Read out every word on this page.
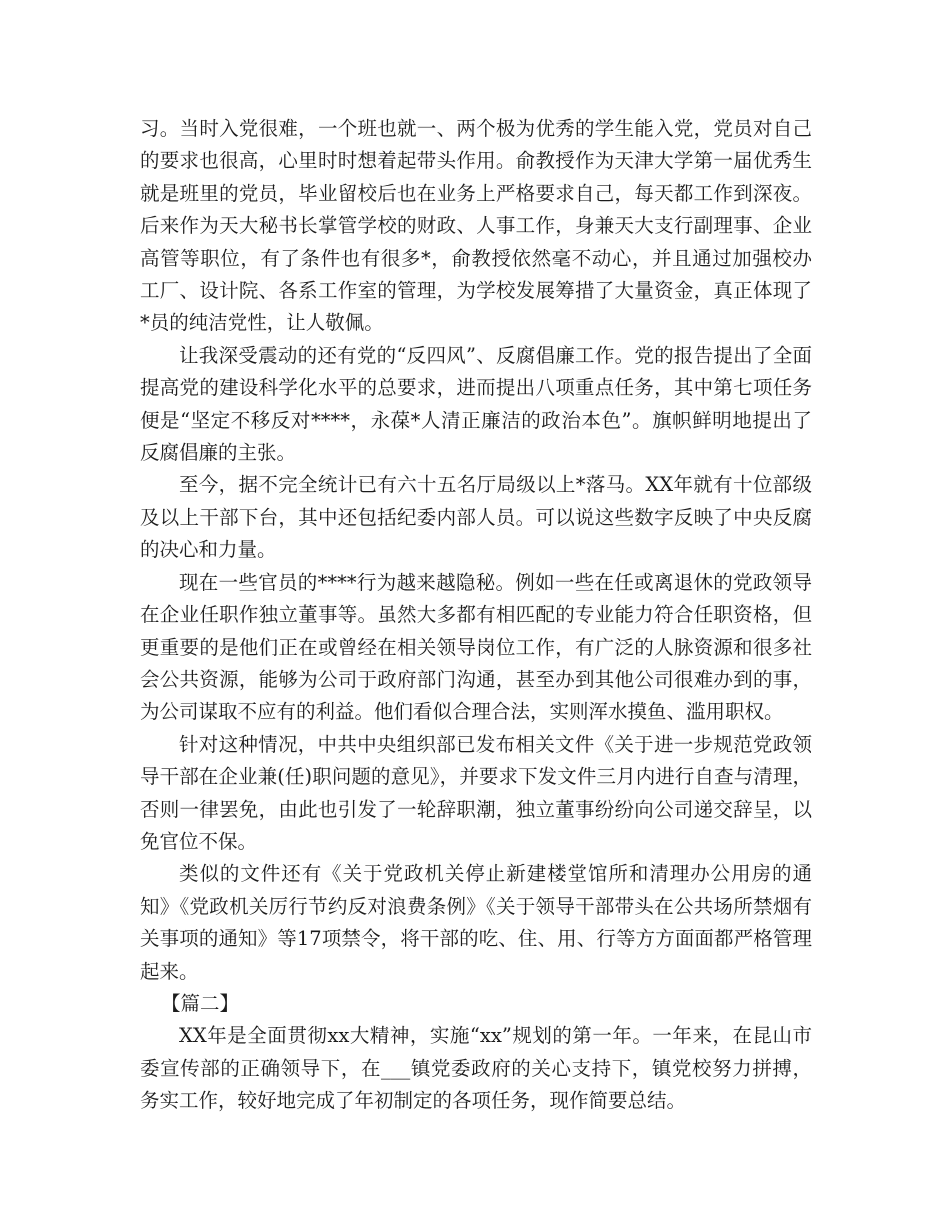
习。当时入党很难，一个班也就一、两个极为优秀的学生能入党，党员对自己的要求也很高，心里时时想着起带头作用。俞教授作为天津大学第一届优秀生就是班里的党员，毕业留校后也在业务上严格要求自己，每天都工作到深夜。后来作为天大秘书长掌管学校的财政、人事工作，身兼天大支行副理事、企业高管等职位，有了条件也有很多*，俞教授依然毫不动心，并且通过加强校办工厂、设计院、各系工作室的管理，为学校发展筹措了大量资金，真正体现了*员的纯洁党性，让人敬佩。

让我深受震动的还有党的“反四风”、反腐倡廉工作。党的报告提出了全面提高党的建设科学化水平的总要求，进而提出八项重点任务，其中第七项任务便是“坚定不移反对****，永葆*人清正廉洁的政治本色”。旗帜鲜明地提出了反腐倡廉的主张。

至今，据不完全统计已有六十五名厅局级以上*落马。XX年就有十位部级及以上干部下台，其中还包括纪委内部人员。可以说这些数字反映了中央反腐的决心和力量。

现在一些官员的****行为越来越隐秘。例如一些在任或离退休的党政领导在企业任职作独立董事等。虽然大多都有相匹配的专业能力符合任职资格，但更重要的是他们正在或曾经在相关领导岗位工作，有广泛的人脉资源和很多社会公共资源，能够为公司于政府部门沟通，甚至办到其他公司很难办到的事，为公司谋取不应有的利益。他们看似合理合法，实则浑水摸鱼、滥用职权。

针对这种情况，中共中央组织部已发布相关文件《关于进一步规范党政领导干部在企业兼(任)职问题的意见》，并要求下发文件三月内进行自查与清理，否则一律罢免，由此也引发了一轮辞职潮，独立董事纷纷向公司递交辞呈，以免官位不保。

类似的文件还有《关于党政机关停止新建楼堂馆所和清理办公用房的通知》《党政机关厉行节约反对浪费条例》《关于领导干部带头在公共场所禁烟有关事项的通知》等17项禁令，将干部的吃、住、用、行等方方面面都严格管理起来。

【篇二】

XX年是全面贯彻xx大精神，实施“xx”规划的第一年。一年来，在昆山市委宣传部的正确领导下，在___镇党委政府的关心支持下，镇党校努力拼搏，务实工作，较好地完成了年初制定的各项任务，现作简要总结。
